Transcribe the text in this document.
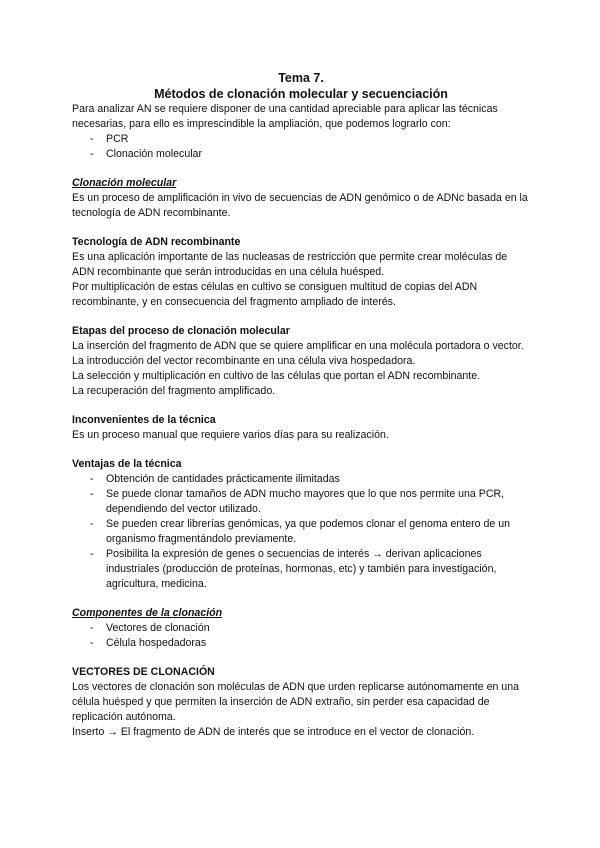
Tema 7.

Métodos de clonación molecular y secuenciación

Para analizar AN se requiere disponer de una cantidad apreciable para aplicar las técnicas necesarias, para ello es imprescindible la ampliación, que podemos lograrlo con:

- PCR
- Clonación molecular

Clonación molecular

Es un proceso de amplificación in vivo de secuencias de ADN genómico o de ADNc basada en la tecnología de ADN recombinante.

Tecnología de ADN recombinante

Es una aplicación importante de las nucleasas de restricción que permite crear moléculas de ADN recombinante que serán introducidas en una célula huésped.

Por multiplicación de estas células en cultivo se consiguen multitud de copias del ADN recombinante, y en consecuencia del fragmento ampliado de interés.

Etapas del proceso de clonación molecular

La inserción del fragmento de ADN que se quiere amplificar en una molécula portadora o vector.

La introducción del vector recombinante en una célula viva hospedadora.

La selección y multiplicación en cultivo de las células que portan el ADN recombinante.

La recuperación del fragmento amplificado.

Inconvenientes de la técnica

Es un proceso manual que requiere varios días para su realización.

Ventajas de la técnica

- Obtención de cantidades prácticamente ilimitadas
- Se puede clonar tamaños de ADN mucho mayores que lo que nos permite una PCR, dependiendo del vector utilizado.
- Se pueden crear librerías genómicas, ya que podemos clonar el genoma entero de un organismo fragmentándolo previamente.
- Posibilita la expresión de genes o secuencias de interés → derivan aplicaciones industriales (producción de proteínas, hormonas, etc) y también para investigación, agricultura, medicina.

Componentes de la clonación

- Vectores de clonación
- Célula hospedadoras

VECTORES DE CLONACIÓN

Los vectores de clonación son moléculas de ADN que urden replicarse autónomamente en una célula huésped y que permiten la inserción de ADN extraño, sin perder esa capacidad de replicación autónoma.

Inserto → El fragmento de ADN de interés que se introduce en el vector de clonación.
